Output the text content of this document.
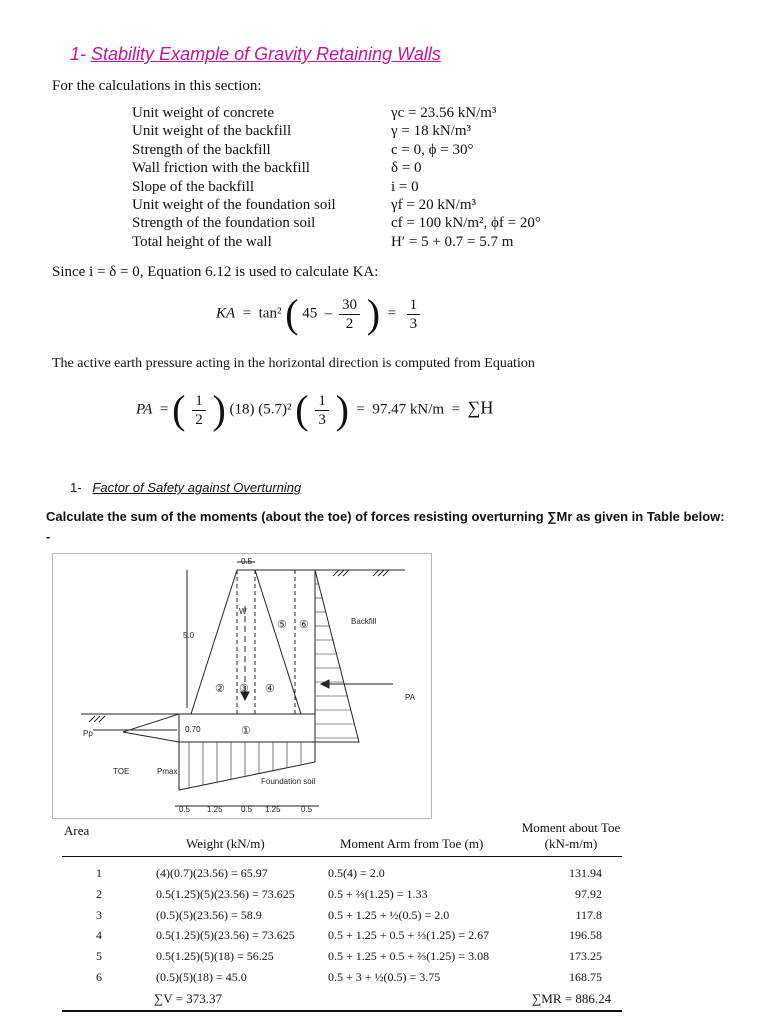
1- Stability Example of Gravity Retaining Walls
For the calculations in this section:
Unit weight of concrete	γc = 23.56 kN/m³
Unit weight of the backfill	γ = 18 kN/m³
Strength of the backfill	c = 0, ϕ = 30°
Wall friction with the backfill	δ = 0
Slope of the backfill	i = 0
Unit weight of the foundation soil	γf = 20 kN/m³
Strength of the foundation soil	cf = 100 kN/m², ϕf = 20°
Total height of the wall	H′ = 5 + 0.7 = 5.7 m
Since i = δ = 0, Equation 6.12 is used to calculate KA:
KA = tan² ( $45 - \frac{30}{2}$ ) = $\frac{1}{3}$
The active earth pressure acting in the horizontal direction is computed from Equation
PA = ( $\frac{1}{2}$ ) (18) (5.7)² ( $\frac{1}{3}$ ) = 97.47 kN/m = ∑H
1- Factor of Safety against Overturning
Calculate the sum of the moments (about the toe) of forces resisting overturning ∑Mr as given in Table below: -
0.5
W
5.0
0.70	①
② ③ ④
⑤ ⑥	Backfill
PA
Pp
TOE	Pmax
Foundation soil
0.5 1.25 0.5 1.25	0.5
Area
Weight (kN/m)	Moment Arm from Toe (m)
Moment about Toe
(kN-m/m)
1	(4)(0.7)(23.56) = 65.97	0.5(4) = 2.0	131.94
2	0.5(1.25)(5)(23.56) = 73.625	0.5 + ⅔(1.25) = 1.33	97.92
3	(0.5)(5)(23.56) = 58.9	0.5 + 1.25 + ½(0.5) = 2.0	117.8
4	0.5(1.25)(5)(23.56) = 73.625	0.5 + 1.25 + 0.5 + ⅓(1.25) = 2.67	196.58
5	0.5(1.25)(5)(18) = 56.25	0.5 + 1.25 + 0.5 + ⅔(1.25) = 3.08	173.25
6	(0.5)(5)(18) = 45.0	0.5 + 3 + ½(0.5) = 3.75	168.75
∑V = 373.37	∑MR = 886.24
